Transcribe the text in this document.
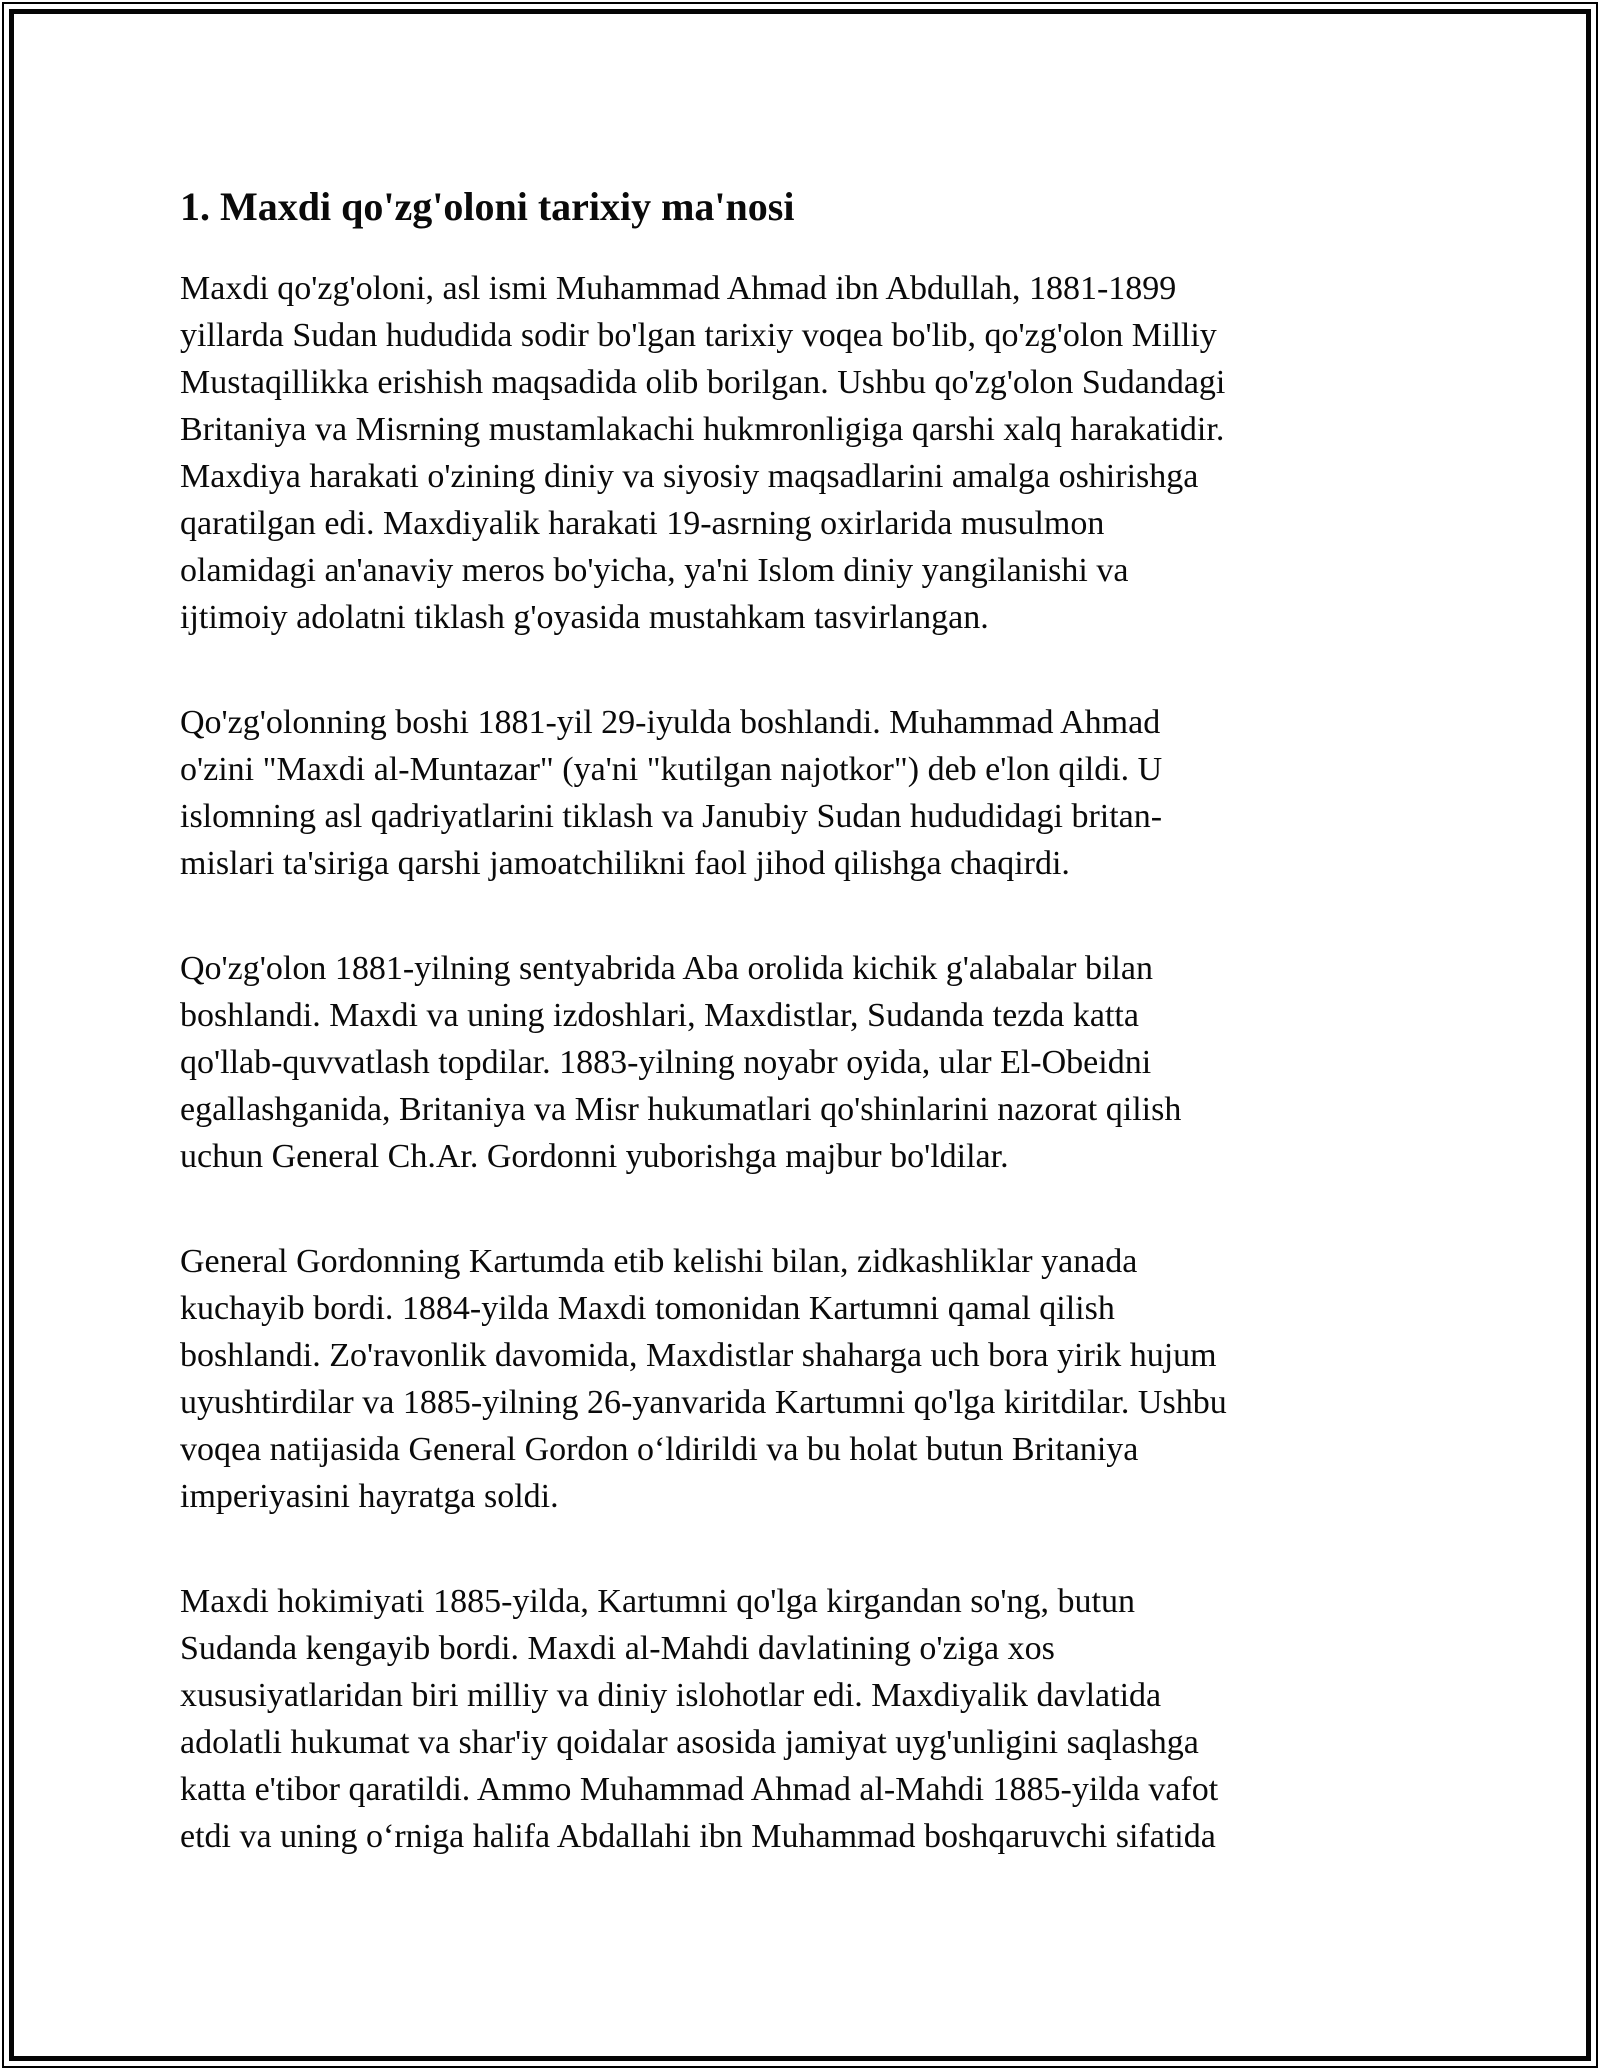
1. Maxdi qo'zg'oloni tarixiy ma'nosi
Maxdi qo'zg'oloni, asl ismi Muhammad Ahmad ibn Abdullah, 1881-1899
yillarda Sudan hududida sodir bo'lgan tarixiy voqea bo'lib, qo'zg'olon Milliy
Mustaqillikka erishish maqsadida olib borilgan. Ushbu qo'zg'olon Sudandagi
Britaniya va Misrning mustamlakachi hukmronligiga qarshi xalq harakatidir.
Maxdiya harakati o'zining diniy va siyosiy maqsadlarini amalga oshirishga
qaratilgan edi. Maxdiyalik harakati 19-asrning oxirlarida musulmon
olamidagi an'anaviy meros bo'yicha, ya'ni Islom diniy yangilanishi va
ijtimoiy adolatni tiklash g'oyasida mustahkam tasvirlangan.
Qo'zg'olonning boshi 1881-yil 29-iyulda boshlandi. Muhammad Ahmad
o'zini "Maxdi al-Muntazar" (ya'ni "kutilgan najotkor") deb e'lon qildi. U
islomning asl qadriyatlarini tiklash va Janubiy Sudan hududidagi britan-
mislari ta'siriga qarshi jamoatchilikni faol jihod qilishga chaqirdi.
Qo'zg'olon 1881-yilning sentyabrida Aba orolida kichik g'alabalar bilan
boshlandi. Maxdi va uning izdoshlari, Maxdistlar, Sudanda tezda katta
qo'llab-quvvatlash topdilar. 1883-yilning noyabr oyida, ular El-Obeidni
egallashganida, Britaniya va Misr hukumatlari qo'shinlarini nazorat qilish
uchun General Ch.Ar. Gordonni yuborishga majbur bo'ldilar.
General Gordonning Kartumda etib kelishi bilan, zidkashliklar yanada
kuchayib bordi. 1884-yilda Maxdi tomonidan Kartumni qamal qilish
boshlandi. Zo'ravonlik davomida, Maxdistlar shaharga uch bora yirik hujum
uyushtirdilar va 1885-yilning 26-yanvarida Kartumni qo'lga kiritdilar. Ushbu
voqea natijasida General Gordon oʻldirildi va bu holat butun Britaniya
imperiyasini hayratga soldi.
Maxdi hokimiyati 1885-yilda, Kartumni qo'lga kirgandan so'ng, butun
Sudanda kengayib bordi. Maxdi al-Mahdi davlatining o'ziga xos
xususiyatlaridan biri milliy va diniy islohotlar edi. Maxdiyalik davlatida
adolatli hukumat va shar'iy qoidalar asosida jamiyat uyg'unligini saqlashga
katta e'tibor qaratildi. Ammo Muhammad Ahmad al-Mahdi 1885-yilda vafot
etdi va uning oʻrniga halifa Abdallahi ibn Muhammad boshqaruvchi sifatida
